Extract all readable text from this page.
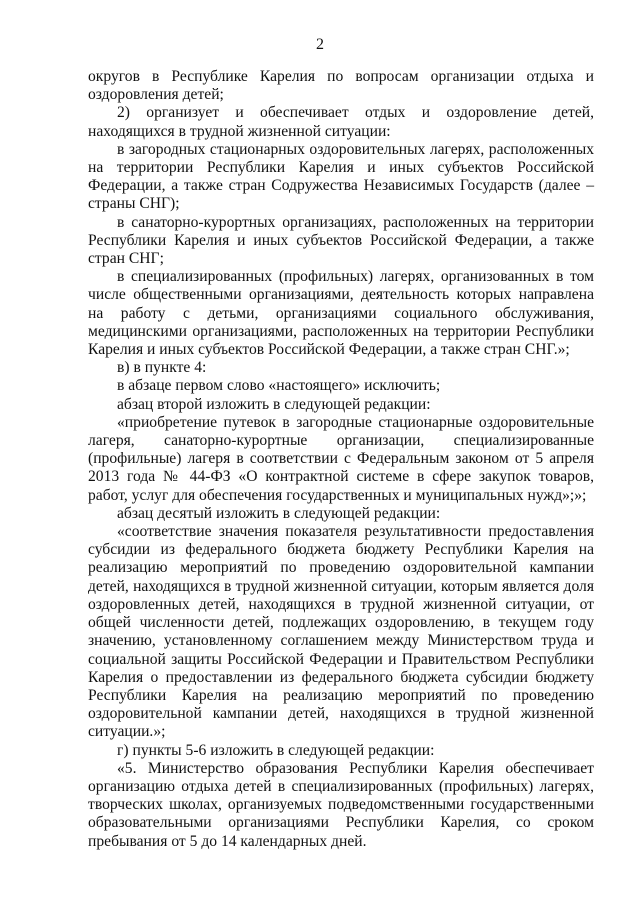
2

округов в Республике Карелия по вопросам организации отдыха и оздоровления детей;

2) организует и обеспечивает отдых и оздоровление детей, находящихся в трудной жизненной ситуации:

в загородных стационарных оздоровительных лагерях, расположенных на территории Республики Карелия и иных субъектов Российской Федерации, а также стран Содружества Независимых Государств (далее – страны СНГ);

в санаторно-курортных организациях, расположенных на территории Республики Карелия и иных субъектов Российской Федерации, а также стран СНГ;

в специализированных (профильных) лагерях, организованных в том числе общественными организациями, деятельность которых направлена на работу с детьми, организациями социального обслуживания, медицинскими организациями, расположенных на территории Республики Карелия и иных субъектов Российской Федерации, а также стран СНГ.»;

в) в пункте 4:

в абзаце первом слово «настоящего» исключить;

абзац второй изложить в следующей редакции:

«приобретение путевок в загородные стационарные оздоровительные лагеря, санаторно-курортные организации, специализированные (профильные) лагеря в соответствии с Федеральным законом от 5 апреля 2013 года № 44-ФЗ «О контрактной системе в сфере закупок товаров, работ, услуг для обеспечения государственных и муниципальных нужд»;»;

абзац десятый изложить в следующей редакции:

«соответствие значения показателя результативности предоставления субсидии из федерального бюджета бюджету Республики Карелия на реализацию мероприятий по проведению оздоровительной кампании детей, находящихся в трудной жизненной ситуации, которым является доля оздоровленных детей, находящихся в трудной жизненной ситуации, от общей численности детей, подлежащих оздоровлению, в текущем году значению, установленному соглашением между Министерством труда и социальной защиты Российской Федерации и Правительством Республики Карелия о предоставлении из федерального бюджета субсидии бюджету Республики Карелия на реализацию мероприятий по проведению оздоровительной кампании детей, находящихся в трудной жизненной ситуации.»;

г) пункты 5-6 изложить в следующей редакции:

«5. Министерство образования Республики Карелия обеспечивает организацию отдыха детей в специализированных (профильных) лагерях, творческих школах, организуемых подведомственными государственными образовательными организациями Республики Карелия, со сроком пребывания от 5 до 14 календарных дней.
